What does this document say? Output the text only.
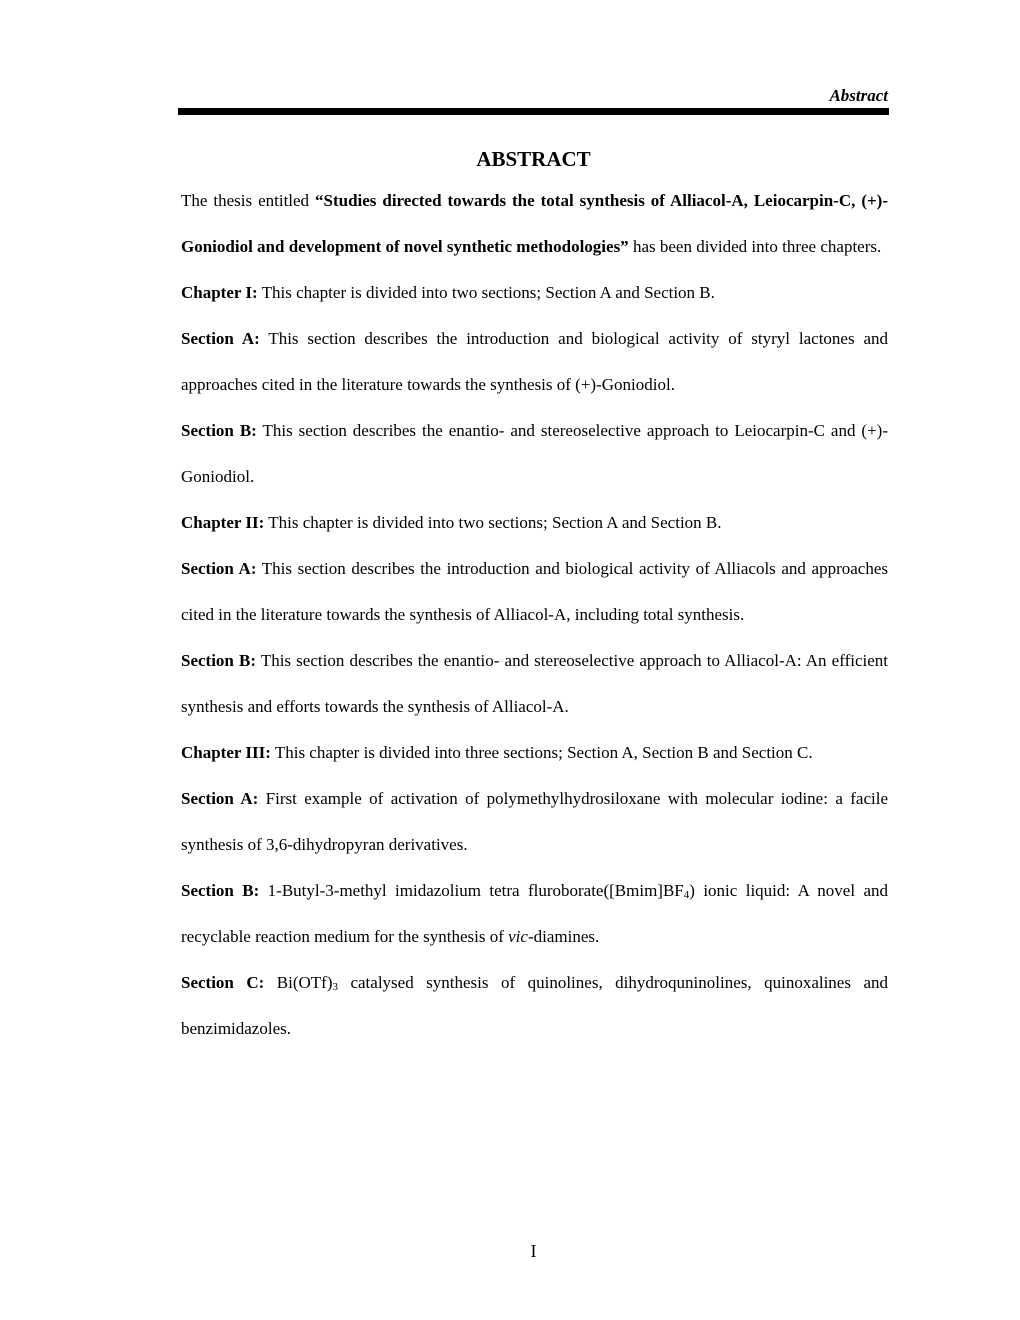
Abstract
ABSTRACT

The thesis entitled “Studies directed towards the total synthesis of Alliacol-A, Leiocarpin-C, (+)-Goniodiol and development of novel synthetic methodologies” has been divided into three chapters.

Chapter I: This chapter is divided into two sections; Section A and Section B.

Section A: This section describes the introduction and biological activity of styryl lactones and approaches cited in the literature towards the synthesis of (+)-Goniodiol.

Section B: This section describes the enantio- and stereoselective approach to Leiocarpin-C and (+)-Goniodiol.

Chapter II: This chapter is divided into two sections; Section A and Section B.

Section A: This section describes the introduction and biological activity of Alliacols and approaches cited in the literature towards the synthesis of Alliacol-A, including total synthesis.

Section B: This section describes the enantio- and stereoselective approach to Alliacol-A: An efficient synthesis and efforts towards the synthesis of Alliacol-A.

Chapter III: This chapter is divided into three sections; Section A, Section B and Section C.

Section A: First example of activation of polymethylhydrosiloxane with molecular iodine: a facile synthesis of 3,6-dihydropyran derivatives.

Section B: 1-Butyl-3-methyl imidazolium tetra $fluroborate([Bmim]BF_4)$ ionic liquid: A novel and recyclable reaction medium for the synthesis of vic-diamines.

Section C: $Bi(OTf)_3$ catalysed synthesis of quinolines, dihydroquninolines, quinoxalines and benzimidazoles.

I
